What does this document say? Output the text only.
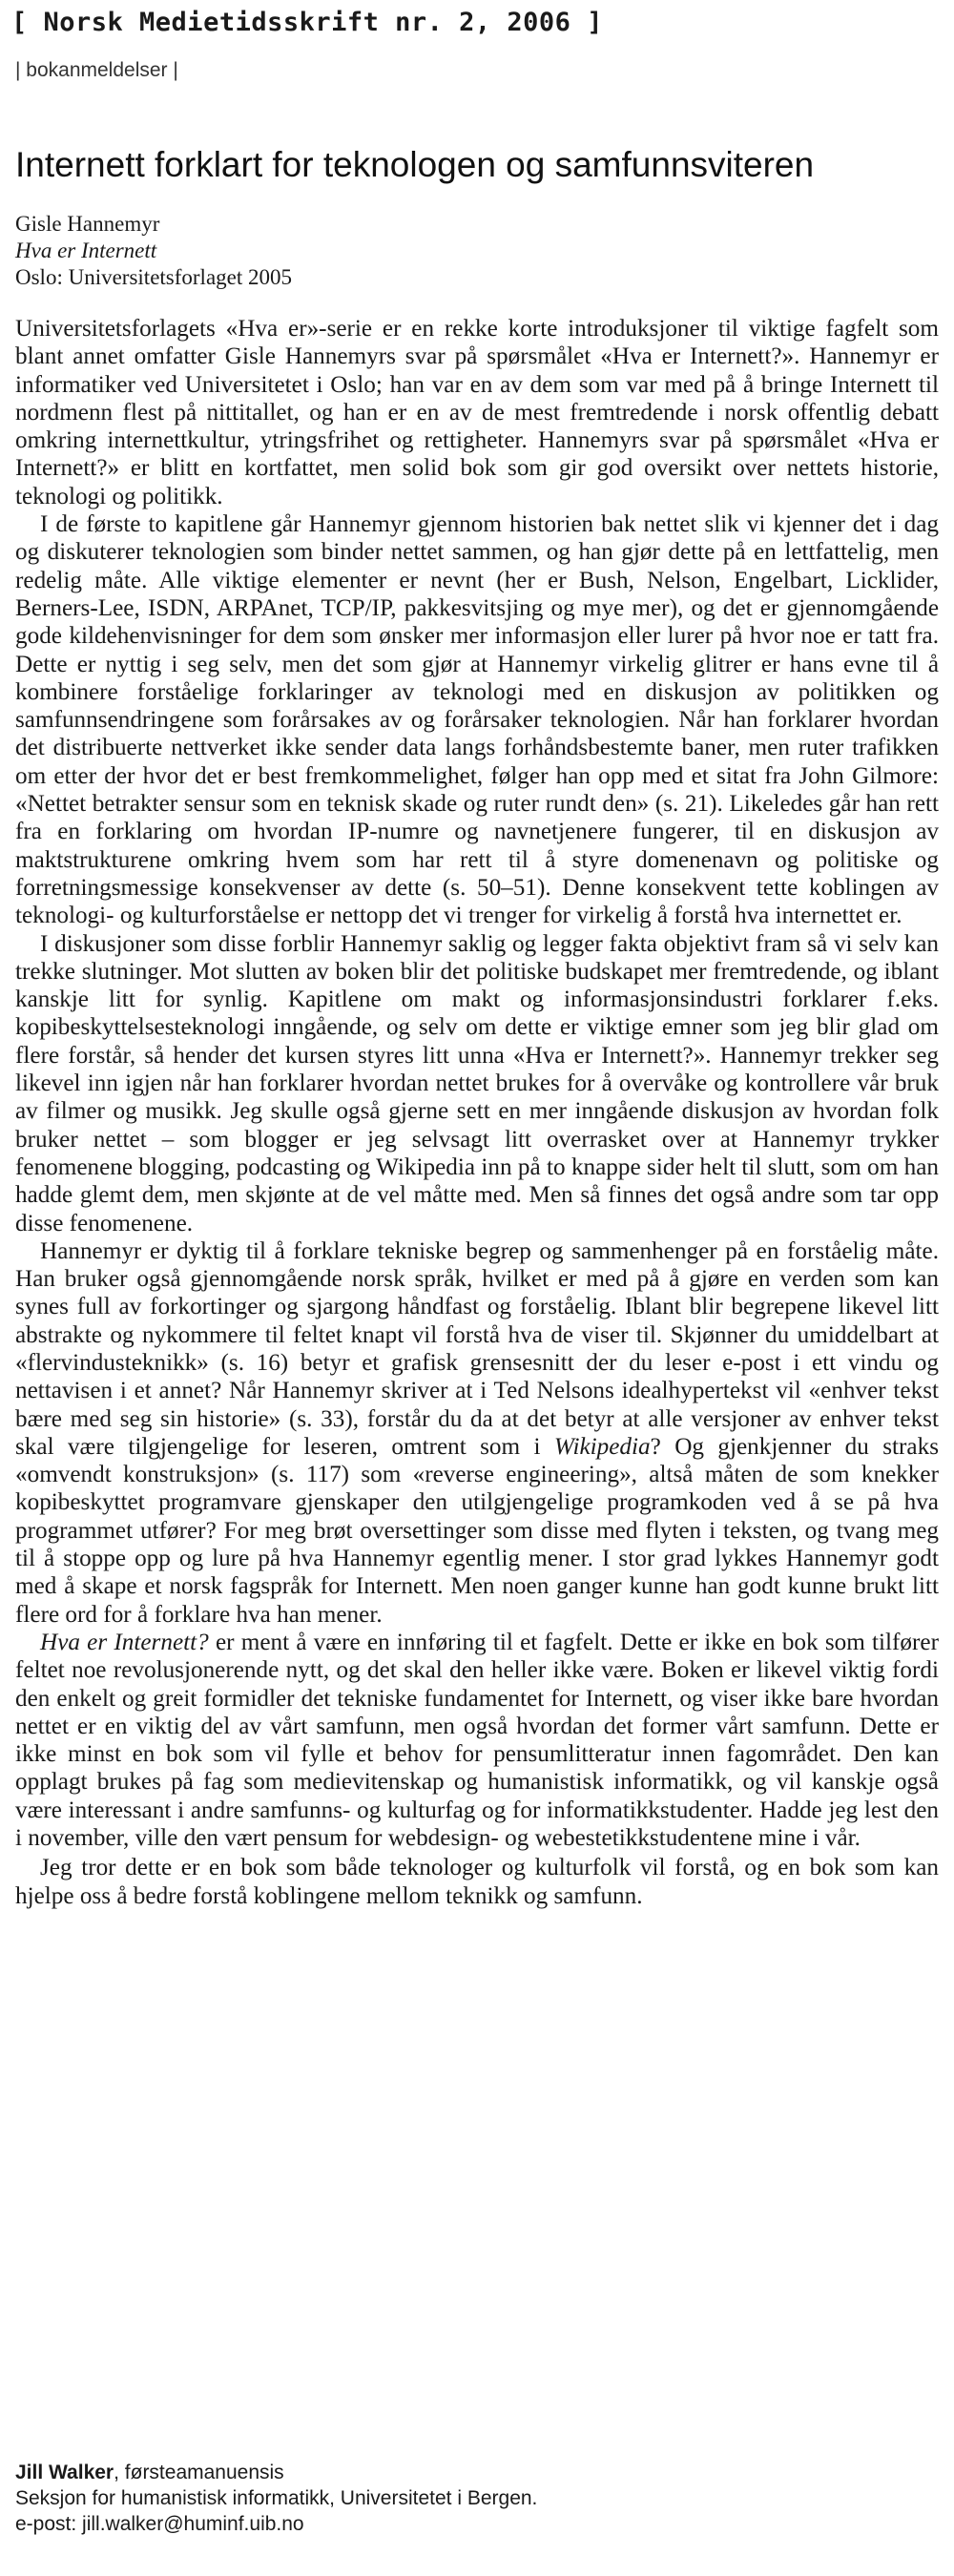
[ Norsk Medietidsskrift nr. 2, 2006 ]
| bokanmeldelser |
Internett forklart for teknologen og samfunnsviteren
Gisle Hannemyr
Hva er Internett
Oslo: Universitetsforlaget 2005

Universitetsforlagets «Hva er»-serie er en rekke korte introduksjoner til viktige fagfelt som blant annet omfatter Gisle Hannemyrs svar på spørsmålet «Hva er Internett?». Hannemyr er informatiker ved Universitetet i Oslo; han var en av dem som var med på å bringe Internett til nordmenn flest på nittitallet, og han er en av de mest fremtredende i norsk offentlig debatt omkring internettkultur, ytringsfrihet og rettigheter. Hannemyrs svar på spørsmålet «Hva er Internett?» er blitt en kortfattet, men solid bok som gir god oversikt over nettets historie, teknologi og politikk.

I de første to kapitlene går Hannemyr gjennom historien bak nettet slik vi kjenner det i dag og diskuterer teknologien som binder nettet sammen, og han gjør dette på en lettfattelig, men redelig måte. Alle viktige elementer er nevnt (her er Bush, Nelson, Engelbart, Licklider, Berners-Lee, ISDN, ARPAnet, TCP/IP, pakkesvitsjing og mye mer), og det er gjennomgående gode kildehenvisninger for dem som ønsker mer informasjon eller lurer på hvor noe er tatt fra. Dette er nyttig i seg selv, men det som gjør at Hannemyr virkelig glitrer er hans evne til å kombinere forståelige forklaringer av teknologi med en diskusjon av politikken og samfunnsendringene som forårsakes av og forårsaker teknologien. Når han forklarer hvordan det distribuerte nettverket ikke sender data langs forhåndsbestemte baner, men ruter trafikken om etter der hvor det er best fremkommelighet, følger han opp med et sitat fra John Gilmore: «Nettet betrakter sensur som en teknisk skade og ruter rundt den» (s. 21). Likeledes går han rett fra en forklaring om hvordan IP-numre og navnetjenere fungerer, til en diskusjon av maktstrukturene omkring hvem som har rett til å styre domenenavn og politiske og forretningsmessige konsekvenser av dette (s. 50–51). Denne konsekvent tette koblingen av teknologi- og kulturforståelse er nettopp det vi trenger for virkelig å forstå hva internettet er.

I diskusjoner som disse forblir Hannemyr saklig og legger fakta objektivt fram så vi selv kan trekke slutninger. Mot slutten av boken blir det politiske budskapet mer fremtredende, og iblant kanskje litt for synlig. Kapitlene om makt og informasjonsindustri forklarer f.eks. kopibeskyttelsesteknologi inngående, og selv om dette er viktige emner som jeg blir glad om flere forstår, så hender det kursen styres litt unna «Hva er Internett?». Hannemyr trekker seg likevel inn igjen når han forklarer hvordan nettet brukes for å overvåke og kontrollere vår bruk av filmer og musikk. Jeg skulle også gjerne sett en mer inngående diskusjon av hvordan folk bruker nettet – som blogger er jeg selvsagt litt overrasket over at Hannemyr trykker fenomenene blogging, podcasting og Wikipedia inn på to knappe sider helt til slutt, som om han hadde glemt dem, men skjønte at de vel måtte med. Men så finnes det også andre som tar opp disse fenomenene.

Hannemyr er dyktig til å forklare tekniske begrep og sammenhenger på en forståelig måte. Han bruker også gjennomgående norsk språk, hvilket er med på å gjøre en verden som kan synes full av forkortinger og sjargong håndfast og forståelig. Iblant blir begrepene likevel litt abstrakte og nykommere til feltet knapt vil forstå hva de viser til. Skjønner du umiddelbart at «flervindusteknikk» (s. 16) betyr et grafisk grensesnitt der du leser e-post i ett vindu og nettavisen i et annet? Når Hannemyr skriver at i Ted Nelsons idealhypertekst vil «enhver tekst bære med seg sin historie» (s. 33), forstår du da at det betyr at alle versjoner av enhver tekst skal være tilgjengelige for leseren, omtrent som i Wikipedia? Og gjenkjenner du straks «omvendt konstruksjon» (s. 117) som «reverse engineering», altså måten de som knekker kopibeskyttet programvare gjenskaper den utilgjengelige programkoden ved å se på hva programmet utfører? For meg brøt oversettinger som disse med flyten i teksten, og tvang meg til å stoppe opp og lure på hva Hannemyr egentlig mener. I stor grad lykkes Hannemyr godt med å skape et norsk fagspråk for Internett. Men noen ganger kunne han godt kunne brukt litt flere ord for å forklare hva han mener.

Hva er Internett? er ment å være en innføring til et fagfelt. Dette er ikke en bok som tilfører feltet noe revolusjonerende nytt, og det skal den heller ikke være. Boken er likevel viktig fordi den enkelt og greit formidler det tekniske fundamentet for Internett, og viser ikke bare hvordan nettet er en viktig del av vårt samfunn, men også hvordan det former vårt samfunn. Dette er ikke minst en bok som vil fylle et behov for pensumlitteratur innen fagområdet. Den kan opplagt brukes på fag som medievitenskap og humanistisk informatikk, og vil kanskje også være interessant i andre samfunns- og kulturfag og for informatikkstudenter. Hadde jeg lest den i november, ville den vært pensum for webdesign- og webestetikkstudentene mine i vår.

Jeg tror dette er en bok som både teknologer og kulturfolk vil forstå, og en bok som kan hjelpe oss å bedre forstå koblingene mellom teknikk og samfunn.

Jill Walker, førsteamanuensis
Seksjon for humanistisk informatikk, Universitetet i Bergen.
e-post: jill.walker@huminf.uib.no
